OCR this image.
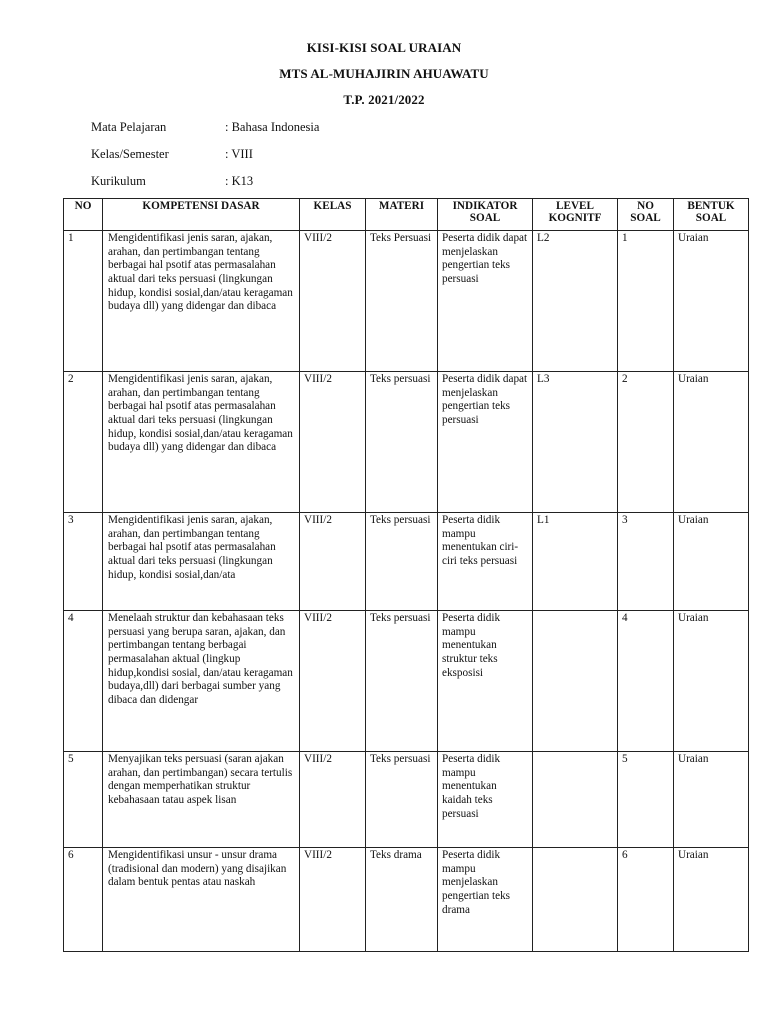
KISI-KISI SOAL URAIAN
MTS AL-MUHAJIRIN AHUAWATU
T.P. 2021/2022
Mata Pelajaran	: Bahasa Indonesia
Kelas/Semester	: VIII
Kurikulum	: K13
NO	KOMPETENSI DASAR	KELAS	MATERI	INDIKATOR SOAL	LEVEL KOGNITF	NO SOAL	BENTUK SOAL
1	Mengidentifikasi jenis saran, ajakan, arahan, dan pertimbangan tentang berbagai hal psotif atas permasalahan aktual dari teks persuasi (lingkungan hidup, kondisi sosial,dan/atau keragaman budaya dll) yang didengar dan dibaca	VIII/2	Teks Persuasi	Peserta didik dapat menjelaskan pengertian teks persuasi	L2	1	Uraian
2	Mengidentifikasi jenis saran, ajakan, arahan, dan pertimbangan tentang berbagai hal psotif atas permasalahan aktual dari teks persuasi (lingkungan hidup, kondisi sosial,dan/atau keragaman budaya dll) yang didengar dan dibaca	VIII/2	Teks persuasi	Peserta didik dapat menjelaskan pengertian teks persuasi	L3	2	Uraian
3	Mengidentifikasi jenis saran, ajakan, arahan, dan pertimbangan tentang berbagai hal psotif atas permasalahan aktual dari teks persuasi (lingkungan hidup, kondisi sosial,dan/ata	VIII/2	Teks persuasi	Peserta didik mampu menentukan ciri-ciri teks persuasi	L1	3	Uraian
4	Menelaah struktur dan kebahasaan teks persuasi yang berupa saran, ajakan, dan pertimbangan tentang berbagai permasalahan aktual (lingkup hidup,kondisi sosial, dan/atau keragaman budaya,dll) dari berbagai sumber yang dibaca dan didengar	VIII/2	Teks persuasi	Peserta didik mampu menentukan struktur teks eksposisi		4	Uraian
5	Menyajikan teks persuasi (saran ajakan arahan, dan pertimbangan) secara tertulis dengan memperhatikan struktur kebahasaan tatau aspek lisan	VIII/2	Teks persuasi	Peserta didik mampu menentukan kaidah teks persuasi		5	Uraian
6	Mengidentifikasi unsur - unsur drama (tradisional dan modern) yang disajikan dalam bentuk pentas atau naskah	VIII/2	Teks drama	Peserta didik mampu menjelaskan pengertian teks drama		6	Uraian
